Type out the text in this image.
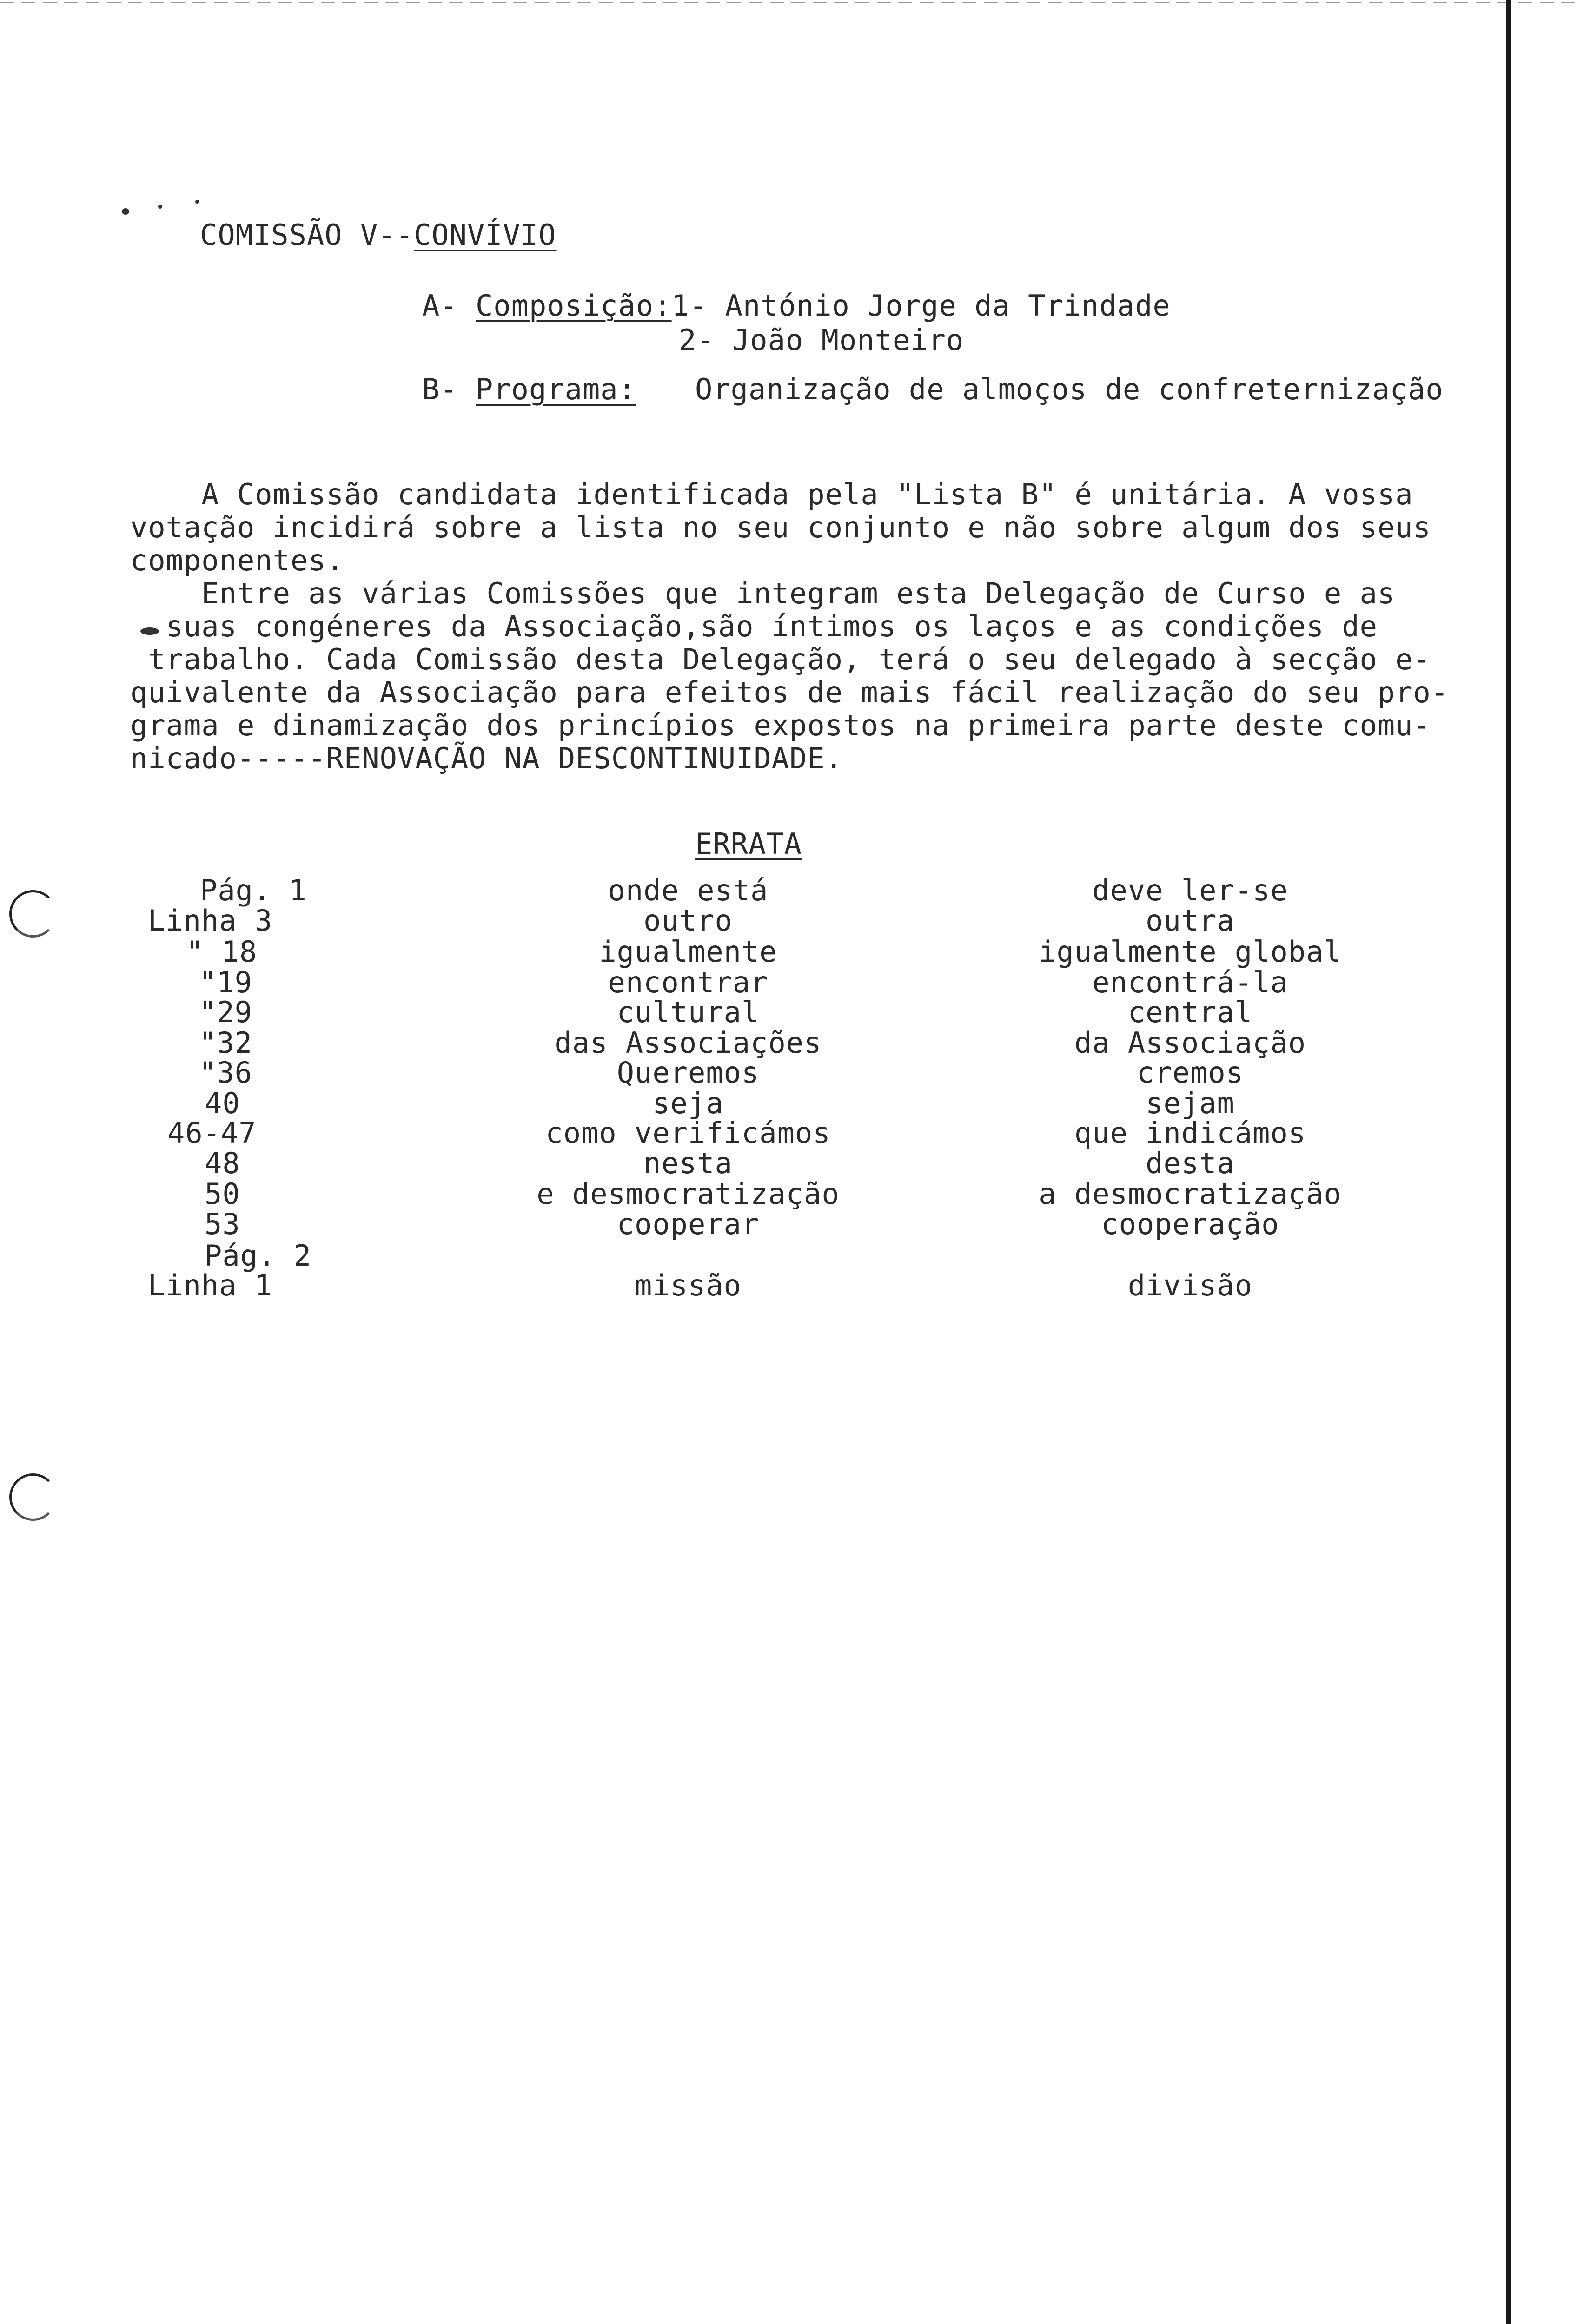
COMISSÃO V--CONVÍVIO
A- Composição:1- António Jorge da Trindade
2- João Monteiro
B- Programa: Organização de almoços de confreternização
A Comissão candidata identificada pela "Lista B" é unitária. A vossa
votação incidirá sobre a lista no seu conjunto e não sobre algum dos seus
componentes.
Entre as várias Comissões que integram esta Delegação de Curso e as
suas congéneres da Associação,são íntimos os laços e as condições de
trabalho. Cada Comissão desta Delegação, terá o seu delegado à secção e-
quivalente da Associação para efeitos de mais fácil realização do seu pro-
grama e dinamização dos princípios expostos na primeira parte deste comu-
nicado-----RENOVAÇÃO NA DESCONTINUIDADE.
ERRATA
Pág. 1	onde está	deve ler-se
Linha 3	outro	outra
" 18	igualmente	igualmente global
"19	encontrar	encontrá-la
"29	cultural	central
"32	das Associações	da Associação
"36	Queremos	cremos
40	seja	sejam
46-47	como verificámos	que indicámos
48	nesta	desta
50	e desmocratização	a desmocratização
53	cooperar	cooperação
Pág. 2
Linha 1	missão	divisão
